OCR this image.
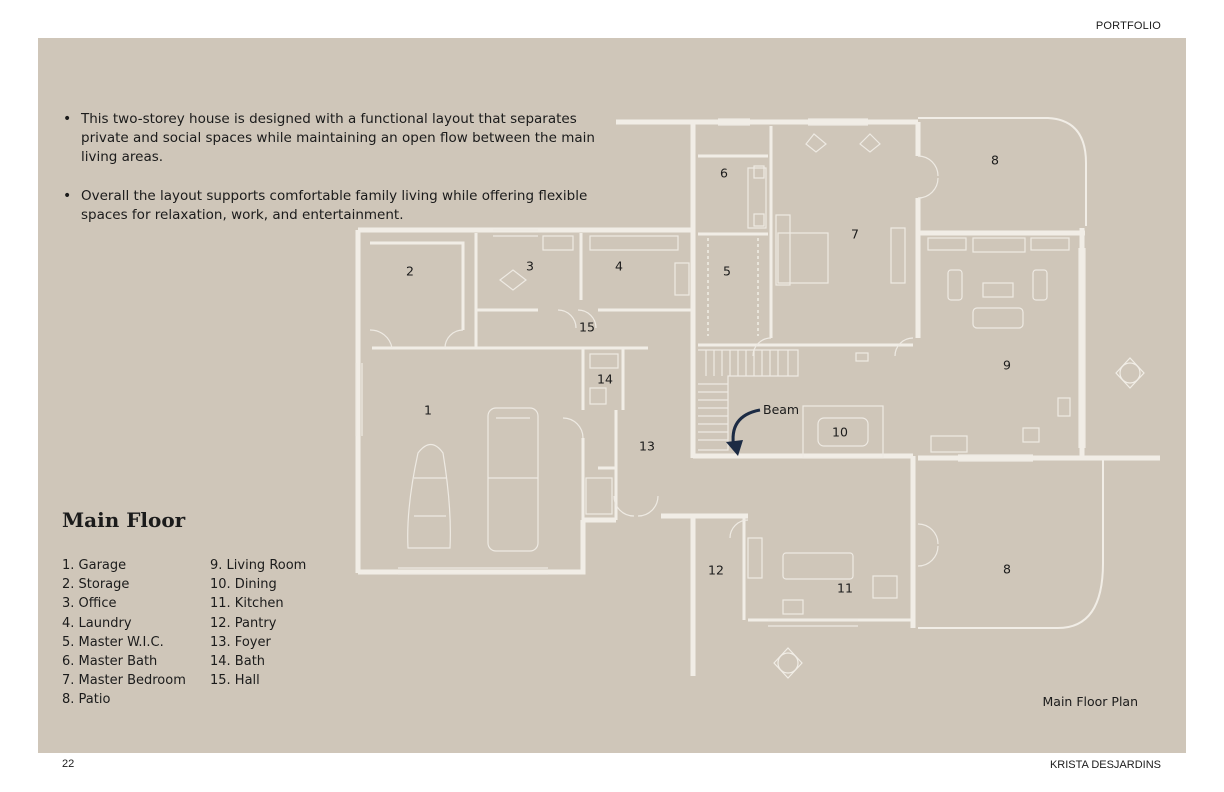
PORTFOLIO
• This two-storey house is designed with a functional layout that separates private and social spaces while maintaining an open flow between the main living areas.
• Overall the layout supports comfortable family living while offering flexible spaces for relaxation, work, and entertainment.
Beam
1
2	3	4	5
6
7
8
8
9
10
11
12
13
14
15
Main Floor
1. Garage
2. Storage
3. Office
4. Laundry
5. Master W.I.C.
6. Master Bath
7. Master Bedroom
8. Patio
9. Living Room
10. Dining
11. Kitchen
12. Pantry
13. Foyer
14. Bath
15. Hall
Main Floor Plan
22	KRISTA DESJARDINS
